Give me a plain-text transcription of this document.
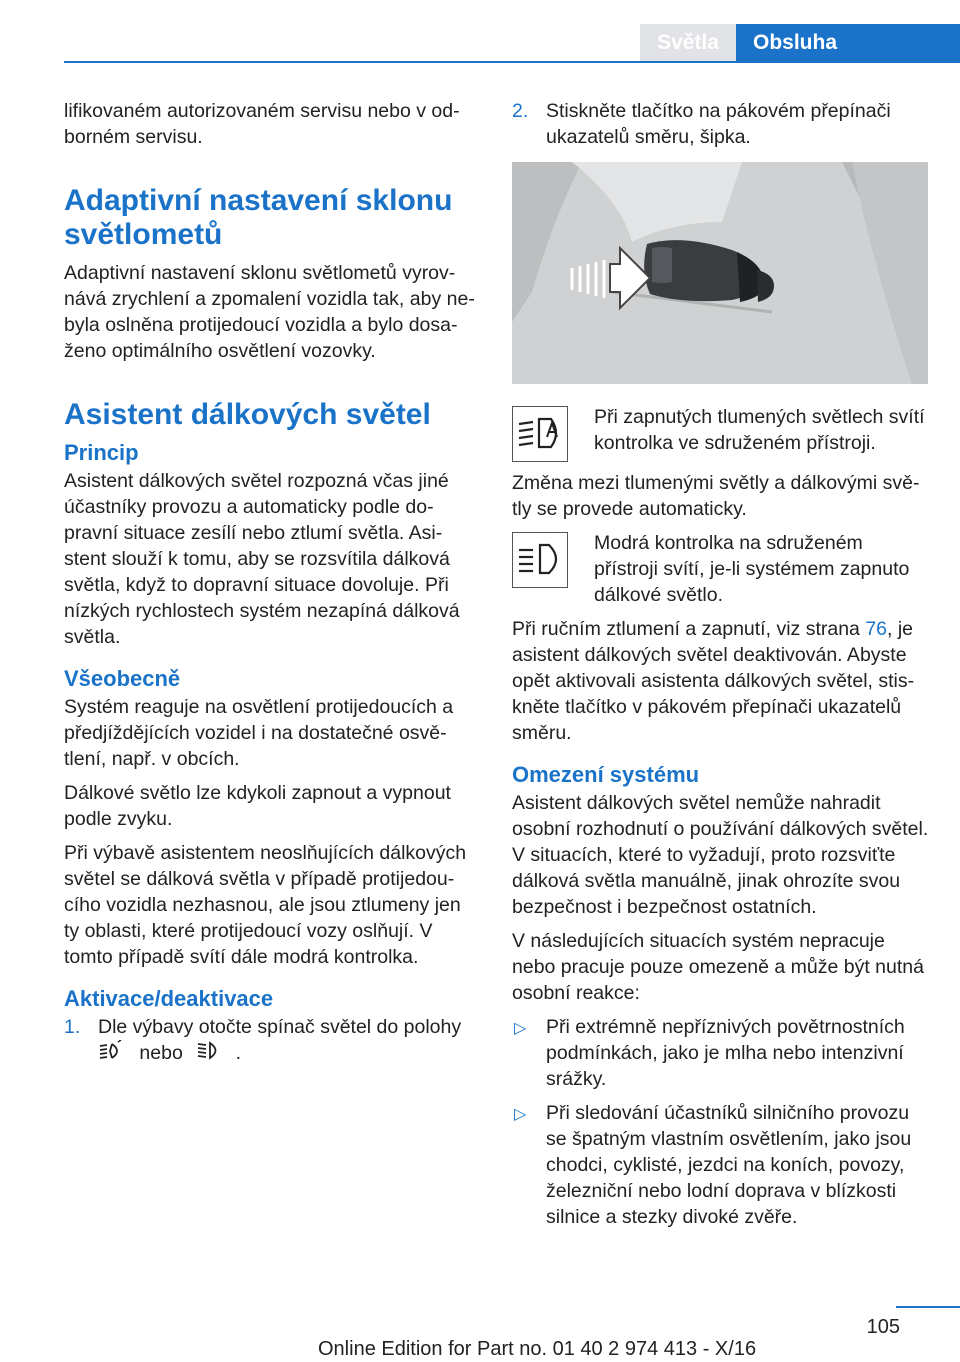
Světla	Obsluha

lifikovaném autorizovaném servisu nebo v odborném servisu.

Adaptivní nastavení sklonu světlometů

Adaptivní nastavení sklonu světlometů vyrovnává zrychlení a zpomalení vozidla tak, aby nebyla oslněna protijedoucí vozidla a bylo dosaženo optimálního osvětlení vozovky.

Asistent dálkových světel
Princip

Asistent dálkových světel rozpozná včas jiné účastníky provozu a automaticky podle dopravní situace zesílí nebo ztlumí světla. Asistent slouží k tomu, aby se rozsvítila dálková světla, když to dopravní situace dovoluje. Při nízkých rychlostech systém nezapíná dálková světla.

Všeobecně

Systém reaguje na osvětlení protijedoucích a předjíždějících vozidel i na dostatečné osvětlení, např. v obcích.

Dálkové světlo lze kdykoli zapnout a vypnout podle zvyku.

Při výbavě asistentem neoslňujících dálkových světel se dálková světla v případě protijedoucího vozidla nezhasnou, ale jsou ztlumeny jen ty oblasti, které protijedoucí vozy oslňují. V tomto případě svítí dále modrá kontrolka.

Aktivace/deaktivace
1. Dle výbavy otočte spínač světel do polohy
nebo	.
2. Stiskněte tlačítko na pákovém přepínači ukazatelů směru, šipka.
Při zapnutých tlumených světlech svítí kontrolka ve sdruženém přístroji.

Změna mezi tlumenými světly a dálkovými světly se provede automaticky.

Modrá kontrolka na sdruženém přístroji svítí, je-li systémem zapnuto dálkové světlo.

Při ručním ztlumení a zapnutí, viz strana 76, je asistent dálkových světel deaktivován. Abyste opět aktivovali asistenta dálkových světel, stiskněte tlačítko v pákovém přepínači ukazatelů směru.

Omezení systému

Asistent dálkových světel nemůže nahradit osobní rozhodnutí o používání dálkových světel. V situacích, které to vyžadují, proto rozsviťte dálková světla manuálně, jinak ohrozíte svou bezpečnost i bezpečnost ostatních.

V následujících situacích systém nepracuje nebo pracuje pouze omezeně a může být nutná osobní reakce:

▷	Při extrémně nepříznivých povětrnostních podmínkách, jako je mlha nebo intenzivní srážky.
▷	Při sledování účastníků silničního provozu se špatným vlastním osvětlením, jako jsou chodci, cyklisté, jezdci na koních, povozy, železniční nebo lodní doprava v blízkosti silnice a stezky divoké zvěře.
105
Online Edition for Part no. 01 40 2 974 413 - X/16
